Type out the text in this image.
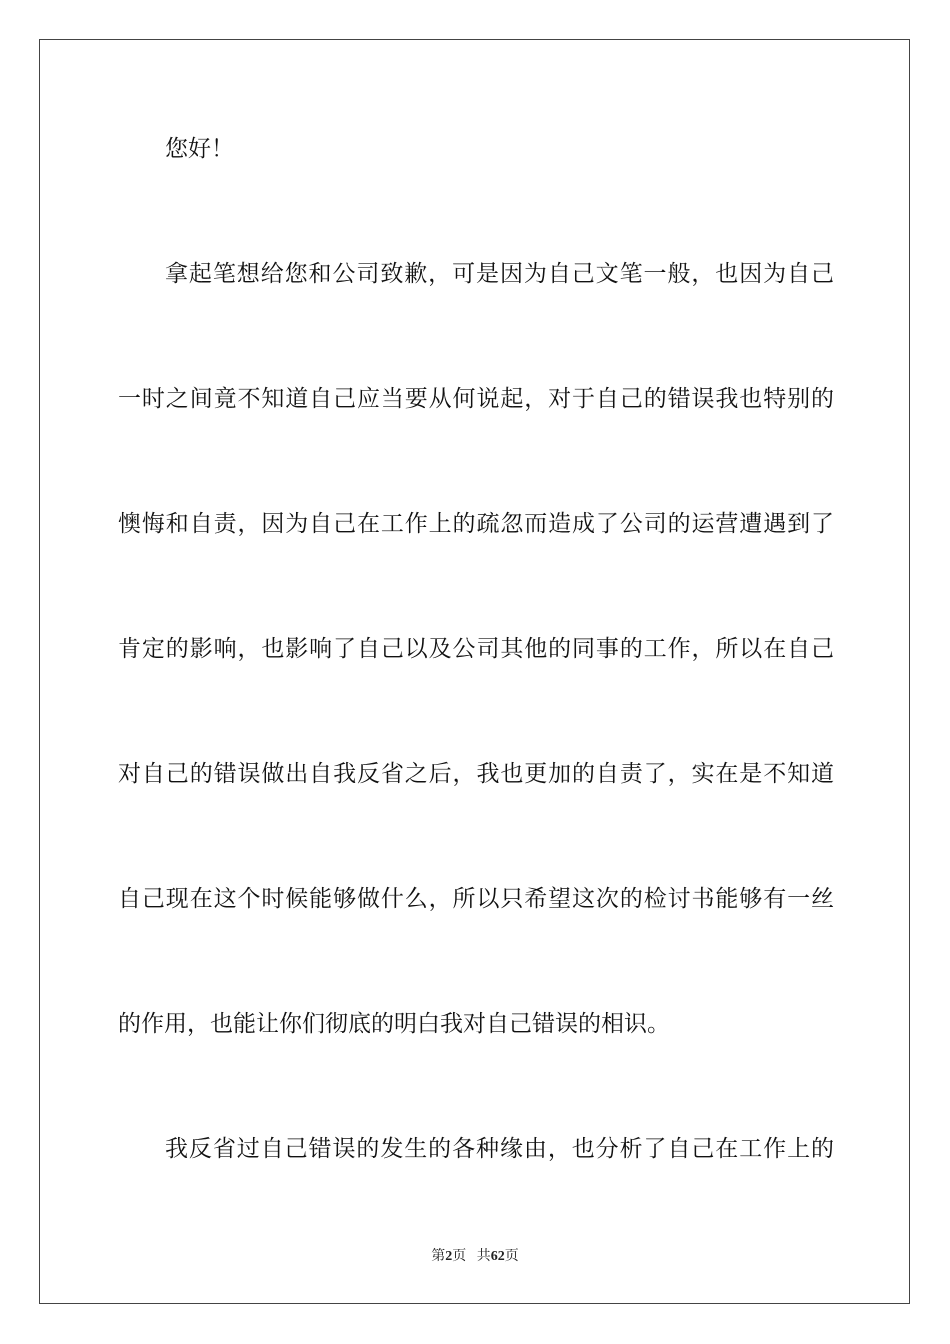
您好！
拿起笔想给您和公司致歉，可是因为自己文笔一般，也因为自己
一时之间竟不知道自己应当要从何说起，对于自己的错误我也特别的
懊悔和自责，因为自己在工作上的疏忽而造成了公司的运营遭遇到了
肯定的影响，也影响了自己以及公司其他的同事的工作，所以在自己
对自己的错误做出自我反省之后，我也更加的自责了，实在是不知道
自己现在这个时候能够做什么，所以只希望这次的检讨书能够有一丝
的作用，也能让你们彻底的明白我对自己错误的相识。
我反省过自己错误的发生的各种缘由，也分析了自己在工作上的
第2页 共62页
